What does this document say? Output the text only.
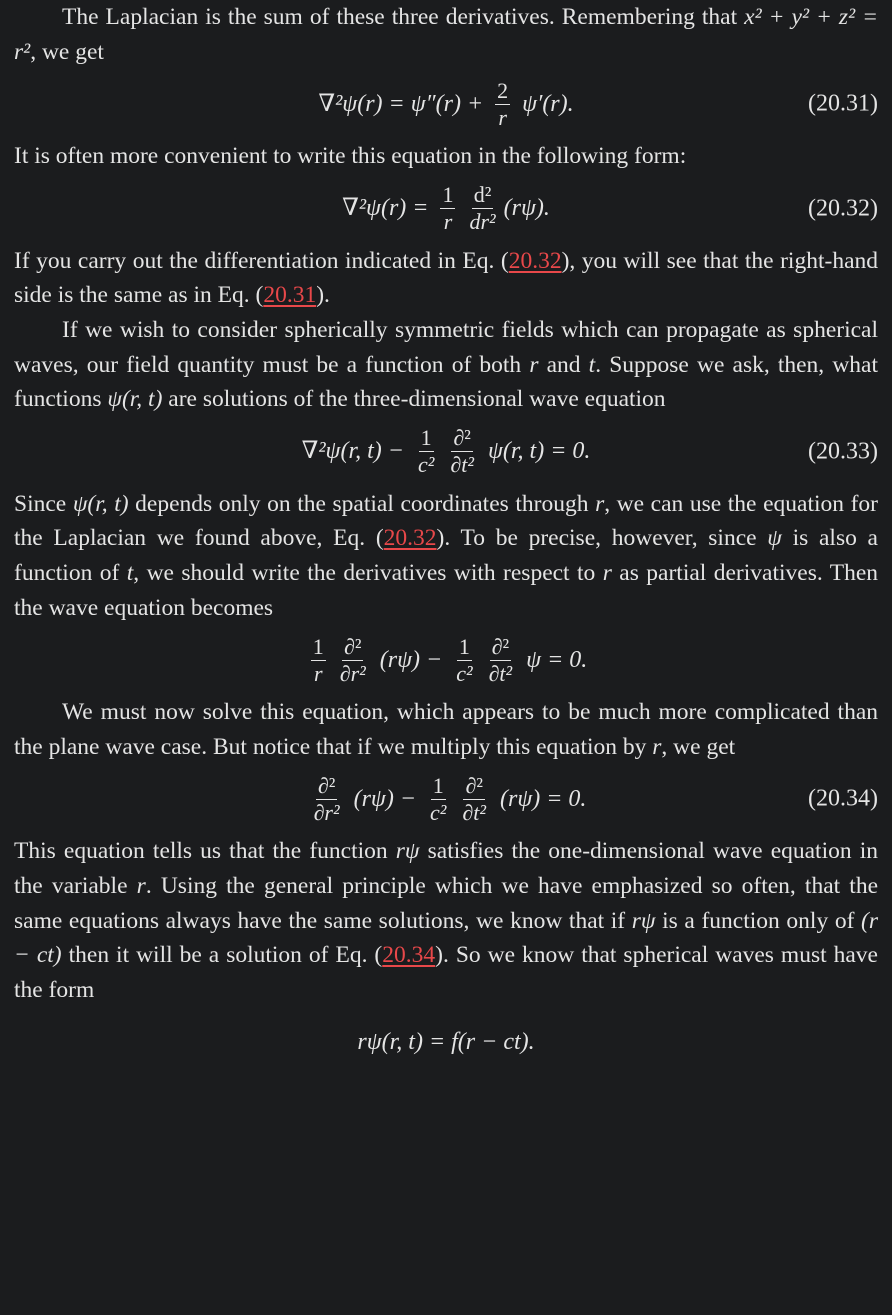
The Laplacian is the sum of these three derivatives. Remembering that x² + y² + z² = r², we get

$\nabla^2\psi(r) = \psi''(r) + \frac{2}{r} \psi'(r)$.	(20.31)

It is often more convenient to write this equation in the following form:

$\nabla^2\psi(r) = \frac{1}{r} \frac{\text{d²}}{\text{dr²}} (r\psi)$.	(20.32)

If you carry out the differentiation indicated in Eq. (20.32), you will see that the right-hand side is the same as in Eq. (20.31).

If we wish to consider spherically symmetric fields which can propagate as spherical waves, our field quantity must be a function of both r and t. Suppose we ask, then, what functions ψ(r, t) are solutions of the three-dimensional wave equation

∇²ψ(r, $t) - \frac{1}{\text{c²}} \frac{\text{∂²}}{\text{∂t²}} \psi(r$, t) = 0.	(20.33)

Since ψ(r, t) depends only on the spatial coordinates through r, we can use the equation for the Laplacian we found above, Eq. (20.32). To be precise, however, since ψ is also a function of t, we should write the derivatives with respect to r as partial derivatives. Then the wave equation becomes

$\frac{1}{r} \frac{\text{∂²}}{\text{∂r²}} (r\psi) - \frac{1}{\text{c²}} \frac{\text{∂²}}{\text{∂t²}}$ ψ = 0.

We must now solve this equation, which appears to be much more complicated than the plane wave case. But notice that if we multiply this equation by r, we get

$\frac{\text{∂²}}{\text{∂r²}} (r\psi) - \frac{1}{\text{c²}} \frac{\text{∂²}}{\text{∂t²}} (r\psi) = 0$.	(20.34)

This equation tells us that the function rψ satisfies the one-dimensional wave equation in the variable r. Using the general principle which we have emphasized so often, that the same equations always have the same solutions, we know that if rψ is a function only of (r − ct) then it will be a solution of Eq. (20.34). So we know that spherical waves must have the form

rψ(r, t) = f(r − ct).
